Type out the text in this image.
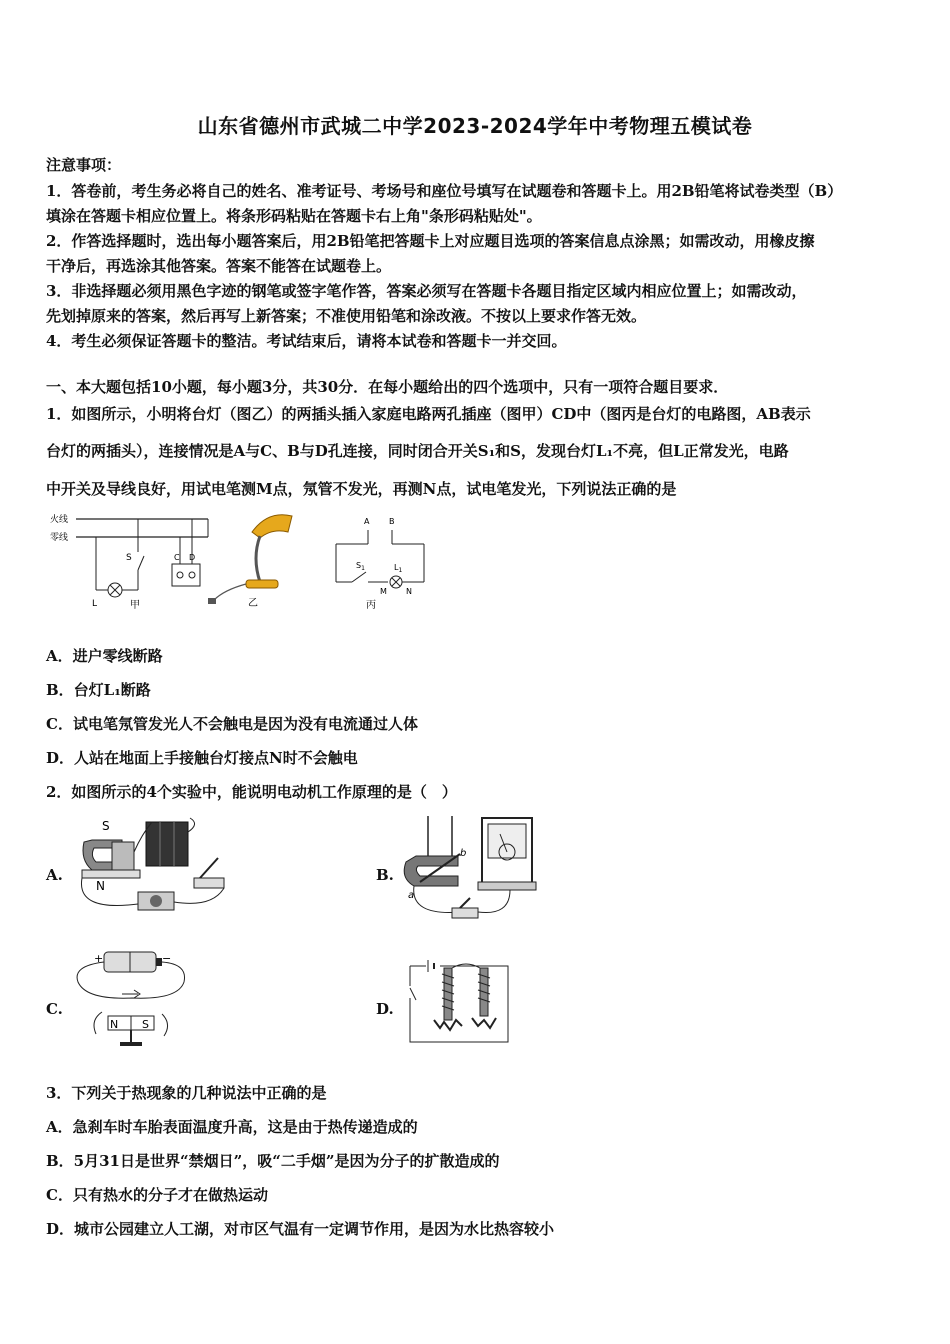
山东省德州市武城二中学2023-2024学年中考物理五模试卷
注意事项：
1．答卷前，考生务必将自己的姓名、准考证号、考场号和座位号填写在试题卷和答题卡上。用2B铅笔将试卷类型（B）
填涂在答题卡相应位置上。将条形码粘贴在答题卡右上角"条形码粘贴处"。
2．作答选择题时，选出每小题答案后，用2B铅笔把答题卡上对应题目选项的答案信息点涂黑；如需改动，用橡皮擦
干净后，再选涂其他答案。答案不能答在试题卷上。
3．非选择题必须用黑色字迹的钢笔或签字笔作答，答案必须写在答题卡各题目指定区域内相应位置上；如需改动，
先划掉原来的答案，然后再写上新答案；不准使用铅笔和涂改液。不按以上要求作答无效。
4．考生必须保证答题卡的整洁。考试结束后，请将本试卷和答题卡一并交回。
一、本大题包括10小题，每小题3分，共30分．在每小题给出的四个选项中，只有一项符合题目要求．
1．如图所示，小明将台灯（图乙）的两插头插入家庭电路两孔插座（图甲）CD中（图丙是台灯的电路图，AB表示
台灯的两插头），连接情况是A与C、B与D孔连接，同时闭合开关S₁和S，发现台灯L₁不亮，但L正常发光，电路
中开关及导线良好，用试电笔测M点，氖管不发光，再测N点，试电笔发光，下列说法正确的是
火线
零线
L
S
甲
C D
乙
A B
$S_1$	$L_1$
M N
丙
A．进户零线断路
B．台灯L₁断路
C．试电笔氖管发光人不会触电是因为没有电流通过人体
D．人站在地面上手接触台灯接点N时不会触电
2．如图所示的4个实验中，能说明电动机工作原理的是（　）
A.
S
N
B.
a
b
C.
+	−
N S
D.
3．下列关于热现象的几种说法中正确的是
A．急刹车时车胎表面温度升高，这是由于热传递造成的
B．5月31日是世界“禁烟日”，吸“二手烟”是因为分子的扩散造成的
C．只有热水的分子才在做热运动
D．城市公园建立人工湖，对市区气温有一定调节作用，是因为水比热容较小
